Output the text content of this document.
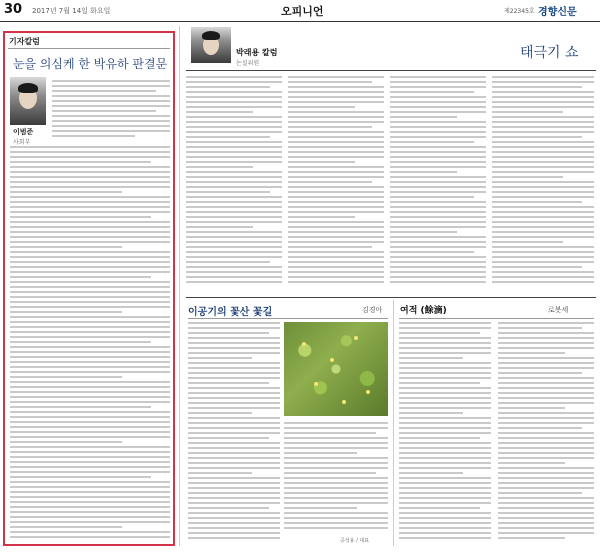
30 2017년 7월 14일 화요일	오피니언	제22345호 경향신문
기자칼럼
눈을 의심케 한 박유하 판결문
이범준
사회부
박래용 칼럼
논설위원
태극기 쇼
이공기의 꽃산 꽃길	김경아
공석용 / 대표
여적 (餘滴)	로봇세
